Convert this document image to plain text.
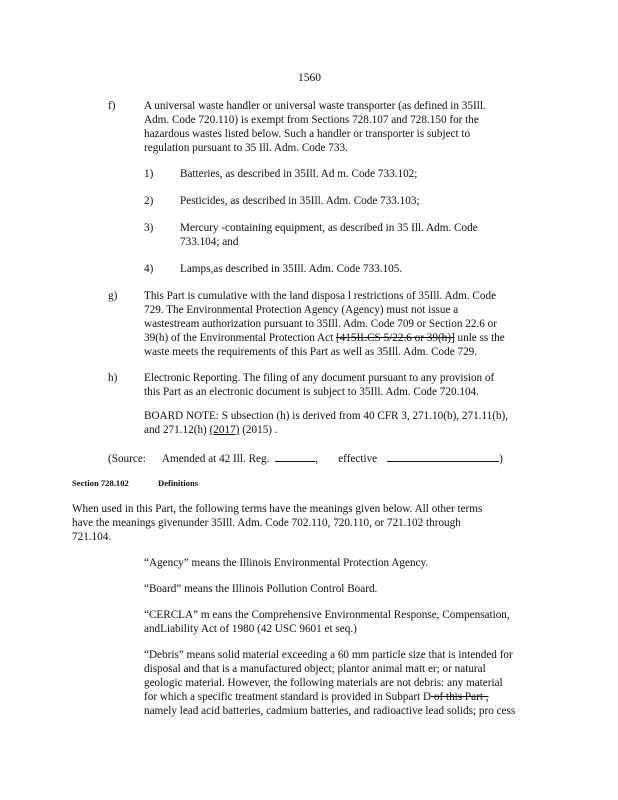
1560
f)	A universal waste handler or universal waste transporter (as defined in 35Ill.
Adm. Code 720.110) is exempt from Sections 728.107 and 728.150 for the
hazardous wastes listed below. Such a handler or transporter is subject to
regulation pursuant to 35 Ill. Adm. Code 733.
1) Batteries, as described in 35Ill. Ad m. Code 733.102;
2) Pesticides, as described in 35Ill. Adm. Code 733.103;
3) Mercury -containing equipment, as described in 35 Ill. Adm. Code
733.104; and
4) Lamps,as described in 35Ill. Adm. Code 733.105.
g) This Part is cumulative with the land disposa l restrictions of 35Ill. Adm. Code
729. The Environmental Protection Agency (Agency) must not issue a
wastestream authorization pursuant to 35Ill. Adm. Code 709 or Section 22.6 or
39(h) of the Environmental Protection Act [415ILCS 5/22.6 or 39(h)] unle ss the
waste meets the requirements of this Part as well as 35Ill. Adm. Code 729.
h) Electronic Reporting. The filing of any document pursuant to any provision of
this Part as an electronic document is subject to 35Ill. Adm. Code 720.104.
BOARD NOTE: S ubsection (h) is derived from 40 CFR 3, 271.10(b), 271.11(b),
and 271.12(h) (2017) (2015) .
(Source: Amended at 42 Ill. Reg.	, effective	)
Section 728.102	Definitions
When used in this Part, the following terms have the meanings given below. All other terms
have the meanings givenunder 35Ill. Adm. Code 702.110, 720.110, or 721.102 through
721.104.
“Agency” means the Illinois Environmental Protection Agency.
“Board” means the Illinois Pollution Control Board.
“CERCLA” m eans the Comprehensive Environmental Response, Compensation,
andLiability Act of 1980 (42 USC 9601 et seq.)
“Debris” means solid material exceeding a 60 mm particle size that is intended for
disposal and that is a manufactured object; plantor animal matt er; or natural
geologic material. However, the following materials are not debris: any material
for which a specific treatment standard is provided in Subpart D of this Part ,
namely lead acid batteries, cadmium batteries, and radioactive lead solids; pro cess
